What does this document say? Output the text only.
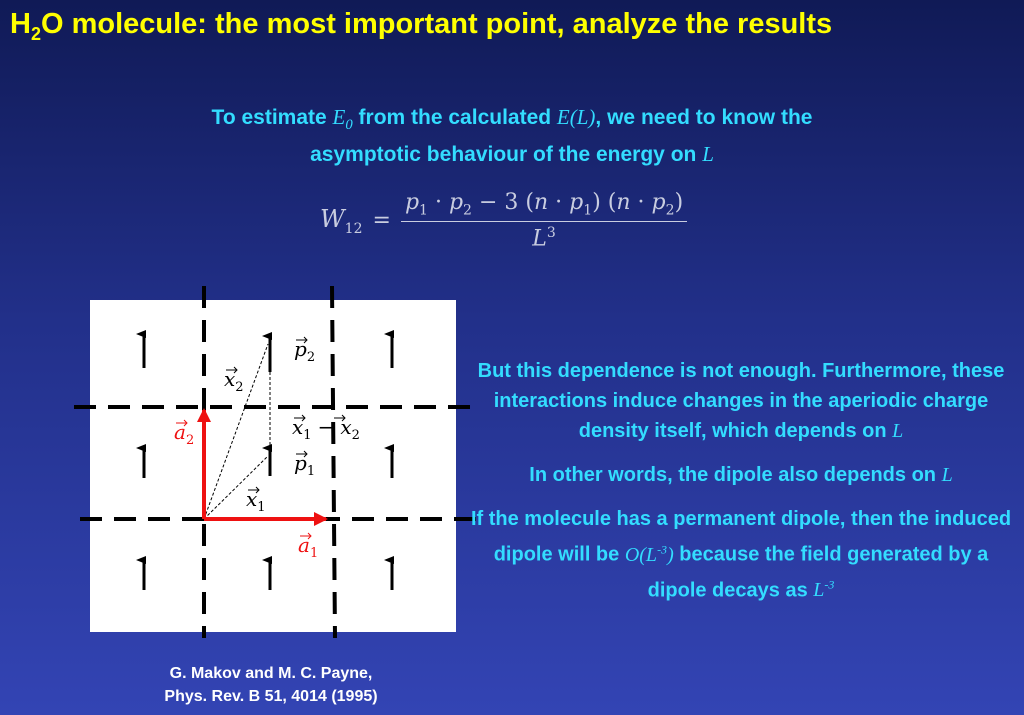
$H_2O$ molecule: the most important point, analyze the results
To estimate $E_0$ from the calculated E(L), we need to know the
asymptotic behaviour of the energy on L
$W_{12} = \frac{p_1 \cdot p_2 - 3 (n \cdot p_1) (n \cdot p_2)}{L^3}$
$p_2$
$x_2$
$x_1 - x_2$
$p_1$
$x_1$
$a_2$
$a_1$

But this dependence is not enough. Furthermore, these interactions induce changes in the aperiodic charge density itself, which depends on L

In other words, the dipole also depends on L

If the molecule has a permanent dipole, then the induced dipole will be $O(L^{-3})$ because the field generated by a dipole decays as $L^{-3}$

G. Makov and M. C. Payne,
Phys. Rev. B 51, 4014 (1995)
